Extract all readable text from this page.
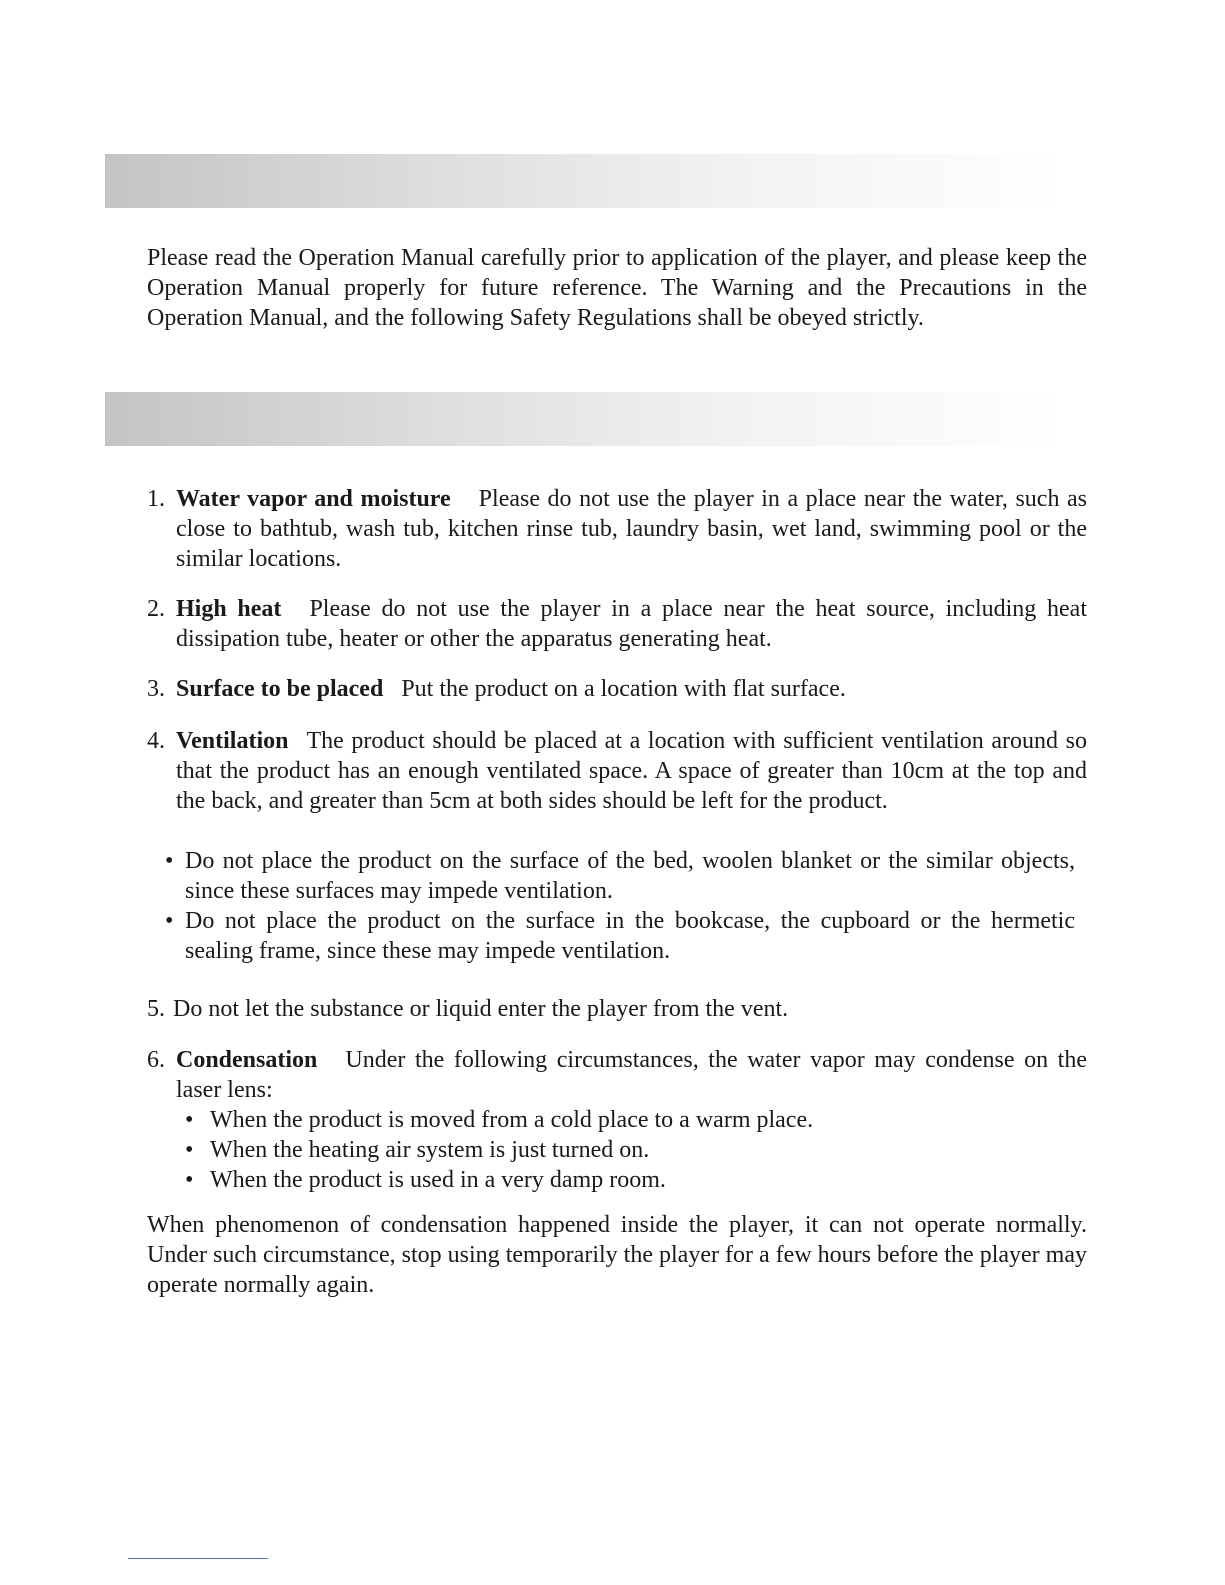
Please read the Operation Manual carefully prior to application of the player, and please keep the Operation Manual properly for future reference. The Warning and the Precautions in the Operation Manual, and the following Safety Regulations shall be obeyed strictly.

1. Water vapor and moisture Please do not use the player in a place near the water, such as close to bathtub, wash tub, kitchen rinse tub, laundry basin, wet land, swimming pool or the similar locations.
2. High heat Please do not use the player in a place near the heat source, including heat dissipation tube, heater or other the apparatus generating heat.
3. Surface to be placed Put the product on a location with flat surface.
4. Ventilation The product should be placed at a location with sufficient ventilation around so that the product has an enough ventilated space. A space of greater than 10cm at the top and the back, and greater than 5cm at both sides should be left for the product.
• Do not place the product on the surface of the bed, woolen blanket or the similar objects, since these surfaces may impede ventilation.
• Do not place the product on the surface in the bookcase, the cupboard or the hermetic sealing frame, since these may impede ventilation.
5. Do not let the substance or liquid enter the player from the vent.
6. Condensation Under the following circumstances, the water vapor may condense on the laser lens:
• When the product is moved from a cold place to a warm place.
• When the heating air system is just turned on.
• When the product is used in a very damp room.

When phenomenon of condensation happened inside the player, it can not operate normally. Under such circumstance, stop using temporarily the player for a few hours before the player may operate normally again.
